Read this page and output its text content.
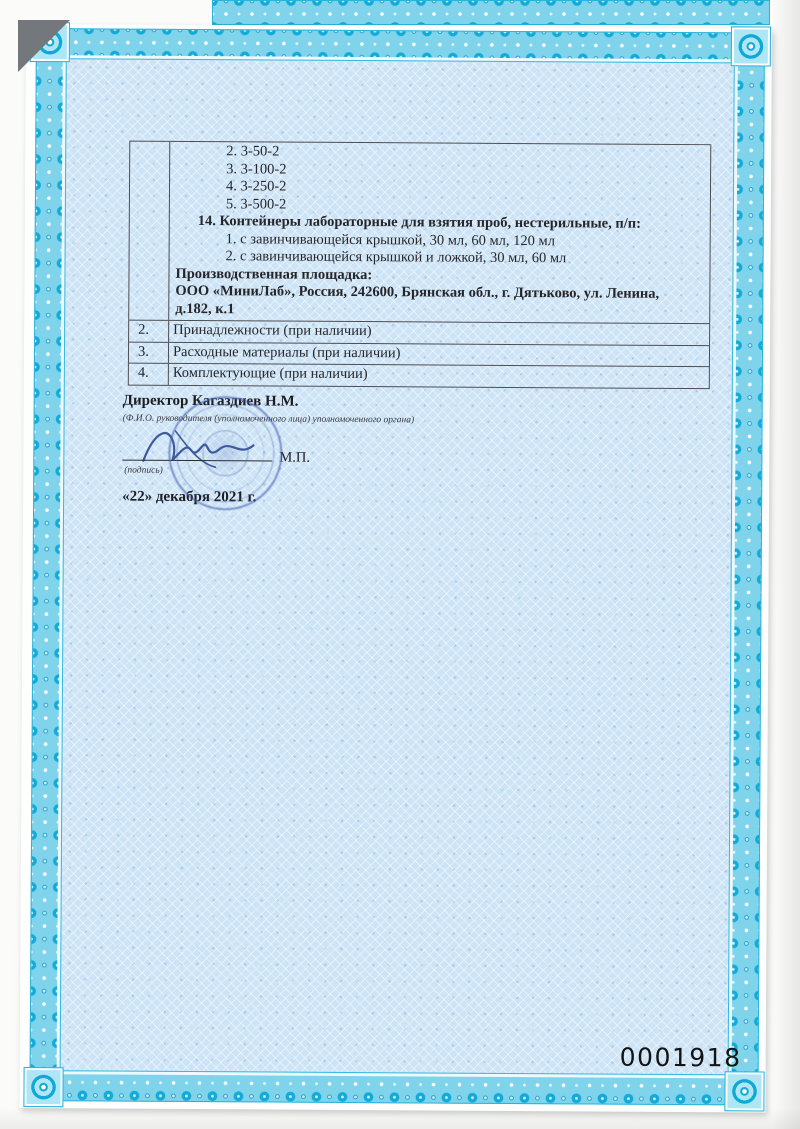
2. 3-50-2
3. 3-100-2
4. 3-250-2
5. 3-500-2
14. Контейнеры лабораторные для взятия проб, нестерильные, п/п:
1. с завинчивающейся крышкой, 30 мл, 60 мл, 120 мл
2. с завинчивающейся крышкой и ложкой, 30 мл, 60 мл
Производственная площадка:
ООО «МиниЛаб», Россия, 242600, Брянская обл., г. Дятьково, ул. Ленина,
д.182, к.1
2.	Принадлежности (при наличии)
3.	Расходные материалы (при наличии)
4.	Комплектующие (при наличии)
Директор Кагаздиев Н.М.
(Ф.И.О. руководителя (уполномоченного лица) уполномоченного органа)
М.П.
(подпись)
«22» декабря 2021 г.
0001918
